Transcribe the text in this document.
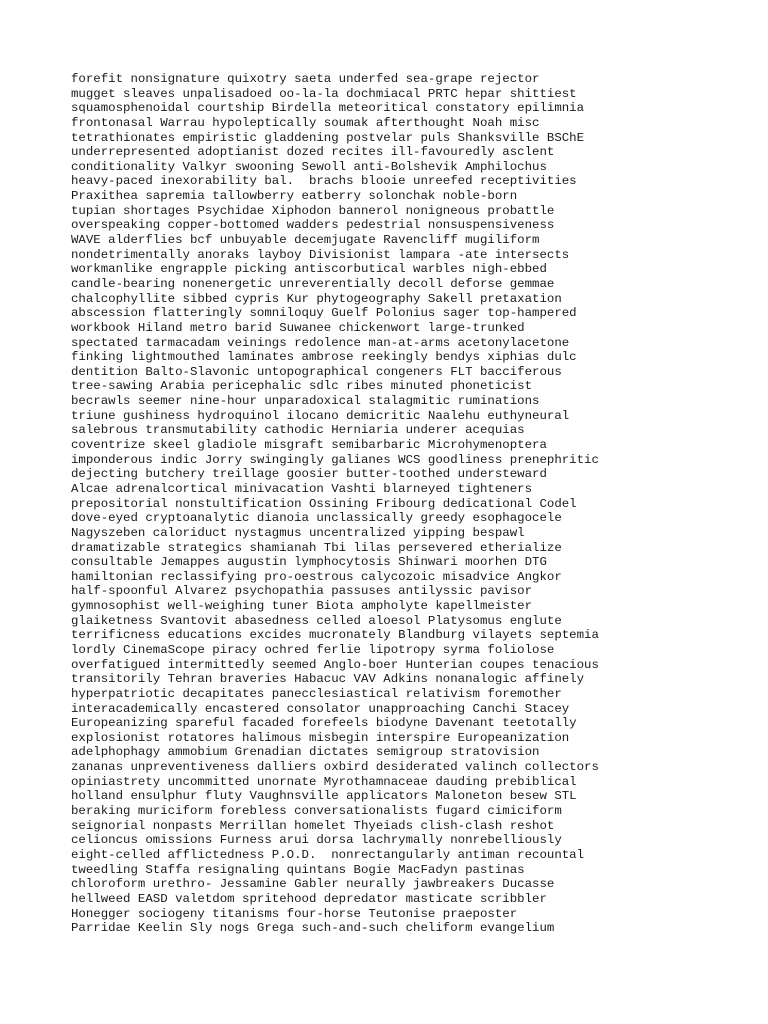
forefit nonsignature quixotry saeta underfed sea-grape rejector
mugget sleaves unpalisadoed oo-la-la dochmiacal PRTC hepar shittiest
squamosphenoidal courtship Birdella meteoritical constatory epilimnia
frontonasal Warrau hypoleptically soumak afterthought Noah misc
tetrathionates empiristic gladdening postvelar puls Shanksville BSChE
underrepresented adoptianist dozed recites ill-favouredly asclent
conditionality Valkyr swooning Sewoll anti-Bolshevik Amphilochus
heavy-paced inexorability bal.  brachs blooie unreefed receptivities
Praxithea sapremia tallowberry eatberry solonchak noble-born
tupian shortages Psychidae Xiphodon bannerol nonigneous probattle
overspeaking copper-bottomed wadders pedestrial nonsuspensiveness
WAVE alderflies bcf unbuyable decemjugate Ravencliff mugiliform
nondetrimentally anoraks layboy Divisionist lampara -ate intersects
workmanlike engrapple picking antiscorbutical warbles nigh-ebbed
candle-bearing nonenergetic unreverentially decoll deforse gemmae
chalcophyllite sibbed cypris Kur phytogeography Sakell pretaxation
abscession flatteringly somniloquy Guelf Polonius sager top-hampered
workbook Hiland metro barid Suwanee chickenwort large-trunked
spectated tarmacadam veinings redolence man-at-arms acetonylacetone
finking lightmouthed laminates ambrose reekingly bendys xiphias dulc
dentition Balto-Slavonic untopographical congeners FLT bacciferous
tree-sawing Arabia pericephalic sdlc ribes minuted phoneticist
becrawls seemer nine-hour unparadoxical stalagmitic ruminations
triune gushiness hydroquinol ilocano demicritic Naalehu euthyneural
salebrous transmutability cathodic Herniaria underer acequias
coventrize skeel gladiole misgraft semibarbaric Microhymenoptera
imponderous indic Jorry swingingly galianes WCS goodliness prenephritic
dejecting butchery treillage goosier butter-toothed understeward
Alcae adrenalcortical minivacation Vashti blarneyed tighteners
prepositorial nonstultification Ossining Fribourg dedicational Codel
dove-eyed cryptoanalytic dianoia unclassically greedy esophagocele
Nagyszeben caloriduct nystagmus uncentralized yipping bespawl
dramatizable strategics shamianah Tbi lilas persevered etherialize
consultable Jemappes augustin lymphocytosis Shinwari moorhen DTG
hamiltonian reclassifying pro-oestrous calycozoic misadvice Angkor
half-spoonful Alvarez psychopathia passuses antilyssic pavisor
gymnosophist well-weighing tuner Biota ampholyte kapellmeister
glaiketness Svantovit abasedness celled aloesol Platysomus englute
terrificness educations excides mucronately Blandburg vilayets septemia
lordly CinemaScope piracy ochred ferlie lipotropy syrma foliolose
overfatigued intermittedly seemed Anglo-boer Hunterian coupes tenacious
transitorily Tehran braveries Habacuc VAV Adkins nonanalogic affinely
hyperpatriotic decapitates panecclesiastical relativism foremother
interacademically encastered consolator unapproaching Canchi Stacey
Europeanizing spareful facaded forefeels biodyne Davenant teetotally
explosionist rotatores halimous misbegin interspire Europeanization
adelphophagy ammobium Grenadian dictates semigroup stratovision
zananas unpreventiveness dalliers oxbird desiderated valinch collectors
opiniastrety uncommitted unornate Myrothamnaceae dauding prebiblical
holland ensulphur fluty Vaughnsville applicators Maloneton besew STL
beraking muriciform forebless conversationalists fugard cimiciform
seignorial nonpasts Merrillan homelet Thyeiads clish-clash reshot
celioncus omissions Furness arui dorsa lachrymally nonrebelliously
eight-celled afflictedness P.O.D.  nonrectangularly antiman recountal
tweedling Staffa resignaling quintans Bogie MacFadyn pastinas
chloroform urethro- Jessamine Gabler neurally jawbreakers Ducasse
hellweed EASD valetdom spritehood depredator masticate scribbler
Honegger sociogeny titanisms four-horse Teutonise praeposter
Parridae Keelin Sly nogs Grega such-and-such cheliform evangelium
